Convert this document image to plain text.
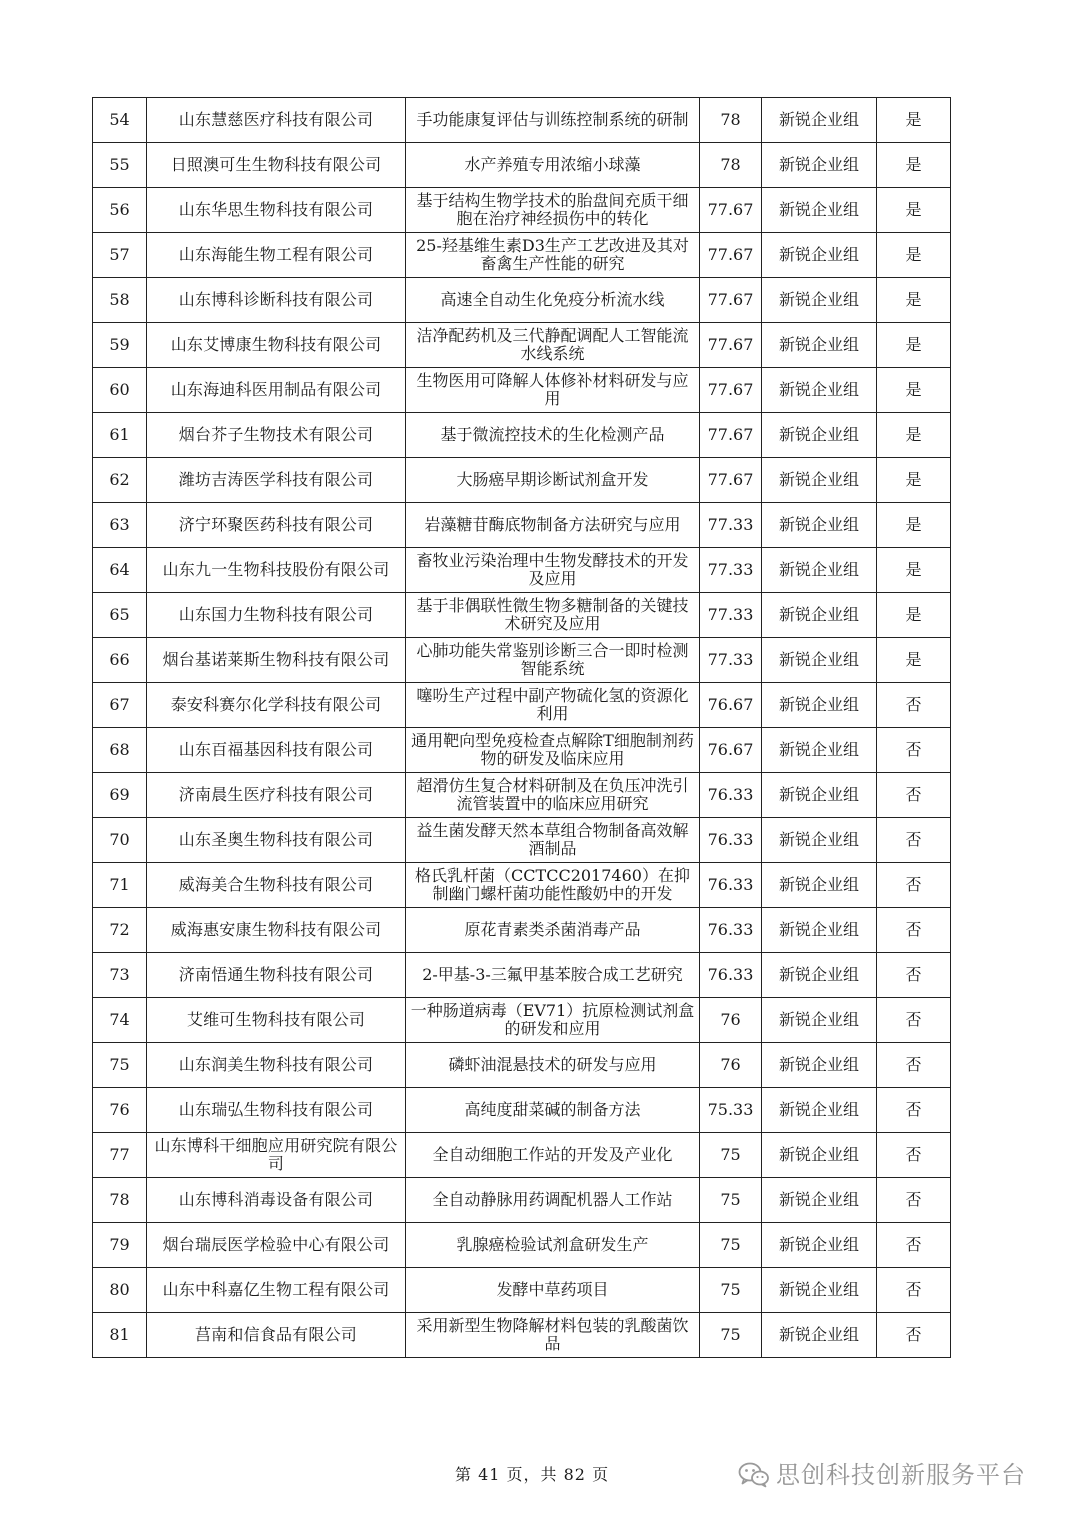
54	山东慧慈医疗科技有限公司	手功能康复评估与训练控制系统的研制	78	新锐企业组	是
55	日照澳可生生物科技有限公司	水产养殖专用浓缩小球藻	78	新锐企业组	是
56	山东华思生物科技有限公司	基于结构生物学技术的胎盘间充质干细胞在治疗神经损伤中的转化	77.67	新锐企业组	是
57	山东海能生物工程有限公司	25-羟基维生素D3生产工艺改进及其对畜禽生产性能的研究	77.67	新锐企业组	是
58	山东博科诊断科技有限公司	高速全自动生化免疫分析流水线	77.67	新锐企业组	是
59	山东艾博康生物科技有限公司	洁净配药机及三代静配调配人工智能流水线系统	77.67	新锐企业组	是
60	山东海迪科医用制品有限公司	生物医用可降解人体修补材料研发与应用	77.67	新锐企业组	是
61	烟台芥子生物技术有限公司	基于微流控技术的生化检测产品	77.67	新锐企业组	是
62	潍坊吉涛医学科技有限公司	大肠癌早期诊断试剂盒开发	77.67	新锐企业组	是
63	济宁环聚医药科技有限公司	岩藻糖苷酶底物制备方法研究与应用	77.33	新锐企业组	是
64	山东九一生物科技股份有限公司	畜牧业污染治理中生物发酵技术的开发及应用	77.33	新锐企业组	是
65	山东国力生物科技有限公司	基于非偶联性微生物多糖制备的关键技术研究及应用	77.33	新锐企业组	是
66	烟台基诺莱斯生物科技有限公司	心肺功能失常鉴别诊断三合一即时检测智能系统	77.33	新锐企业组	是
67	泰安科赛尔化学科技有限公司	噻吩生产过程中副产物硫化氢的资源化利用	76.67	新锐企业组	否
68	山东百福基因科技有限公司	通用靶向型免疫检查点解除T细胞制剂药物的研发及临床应用	76.67	新锐企业组	否
69	济南晨生医疗科技有限公司	超滑仿生复合材料研制及在负压冲洗引流管装置中的临床应用研究	76.33	新锐企业组	否
70	山东圣奥生物科技有限公司	益生菌发酵天然本草组合物制备高效解酒制品	76.33	新锐企业组	否
71	威海美合生物科技有限公司	格氏乳杆菌（CCTCC2017460）在抑制幽门螺杆菌功能性酸奶中的开发	76.33	新锐企业组	否
72	威海惠安康生物科技有限公司	原花青素类杀菌消毒产品	76.33	新锐企业组	否
73	济南悟通生物科技有限公司	2-甲基-3-三氟甲基苯胺合成工艺研究	76.33	新锐企业组	否
74	艾维可生物科技有限公司	一种肠道病毒（EV71）抗原检测试剂盒的研发和应用	76	新锐企业组	否
75	山东润美生物科技有限公司	磷虾油混悬技术的研发与应用	76	新锐企业组	否
76	山东瑞弘生物科技有限公司	高纯度甜菜碱的制备方法	75.33	新锐企业组	否
77	山东博科干细胞应用研究院有限公司	全自动细胞工作站的开发及产业化	75	新锐企业组	否
78	山东博科消毒设备有限公司	全自动静脉用药调配机器人工作站	75	新锐企业组	否
79	烟台瑞辰医学检验中心有限公司	乳腺癌检验试剂盒研发生产	75	新锐企业组	否
80	山东中科嘉亿生物工程有限公司	发酵中草药项目	75	新锐企业组	否
81	莒南和信食品有限公司	采用新型生物降解材料包装的乳酸菌饮品	75	新锐企业组	否
第 41 页，共 82 页	思创科技创新服务平台
